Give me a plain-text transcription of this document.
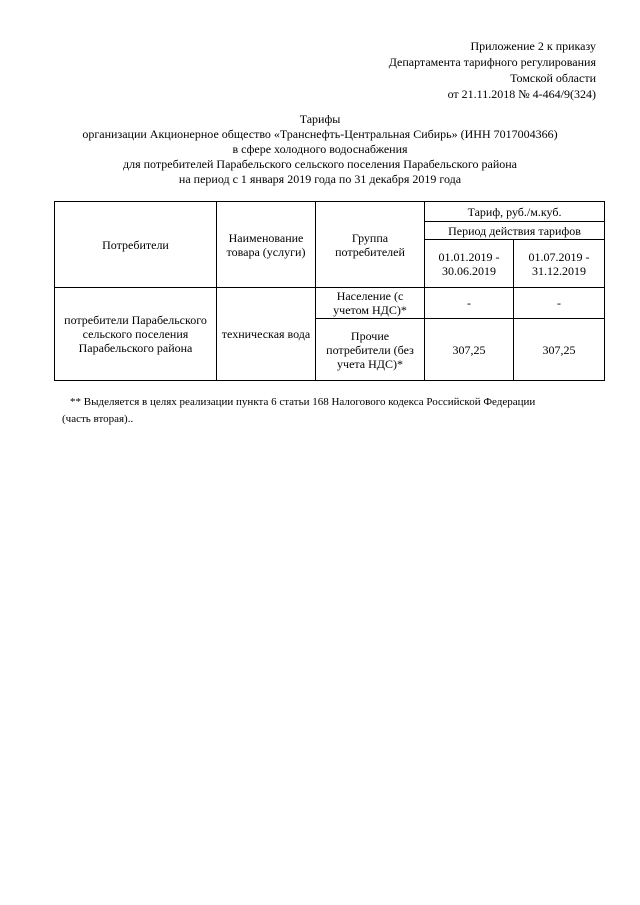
Приложение 2 к приказу
Департамента тарифного регулирования
Томской области
от 21.11.2018 № 4-464/9(324)
Тарифы
организации Акционерное общество «Транснефть-Центральная Сибирь» (ИНН 7017004366)
в сфере холодного водоснабжения
для потребителей Парабельского сельского поселения Парабельского района
на период с 1 января 2019 года по 31 декабря 2019 года
Потребители	Наименование товара (услуги)	Группа потребителей	Тариф, руб./м.куб.	
			Период действия тарифов	
			01.01.2019 - 30.06.2019	01.07.2019 - 31.12.2019
потребители Парабельского сельского поселения Парабельского района	техническая вода	Население (с учетом НДС)*	-	-
		Прочие потребители (без учета НДС)*	307,25	307,25
** Выделяется в целях реализации пункта 6 статьи 168 Налогового кодекса Российской Федерации
(часть вторая)..
